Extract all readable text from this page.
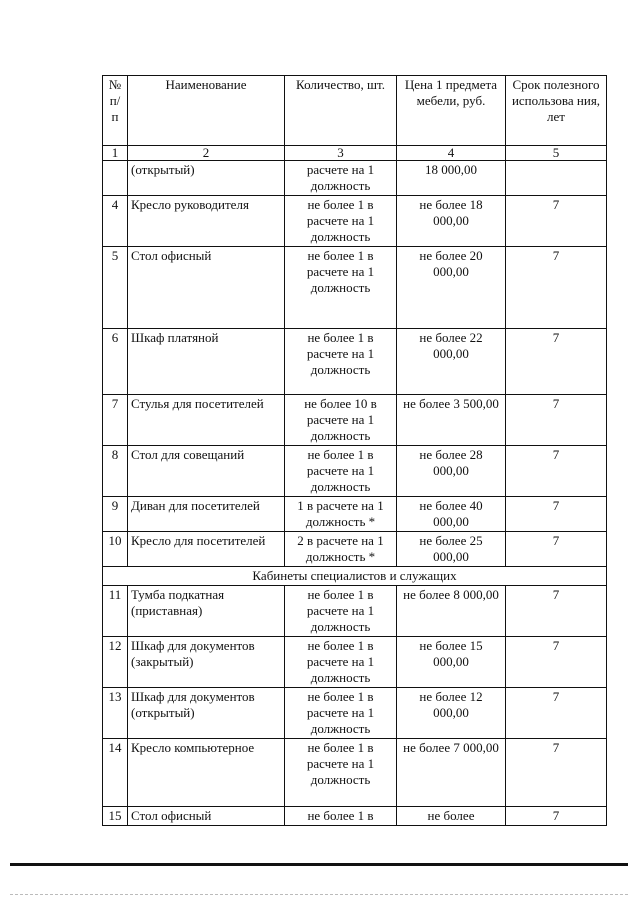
№ п/ п	Наименование	Количество, шт.	Цена 1 предмета мебели, руб.	Срок полезного использова ния, лет
1	2	3	4	5
	(открытый)	расчете на 1 должность	18 000,00	
4	Кресло руководителя	не более 1 в расчете на 1 должность	не более 18 000,00	7
5	Стол офисный	не более 1 в расчете на 1 должность	не более 20 000,00	7
6	Шкаф платяной	не более 1 в расчете на 1 должность	не более 22 000,00	7
7	Стулья для посетителей	не более 10 в расчете на 1 должность	не более 3 500,00	7
8	Стол для совещаний	не более 1 в расчете на 1 должность	не более 28 000,00	7
9	Диван для посетителей	1 в расчете на 1 должность *	не более 40 000,00	7
10	Кресло для посетителей	2 в расчете на 1 должность *	не более 25 000,00	7
Кабинеты специалистов и служащих				
11	Тумба подкатная (приставная)	не более 1 в расчете на 1 должность	не более 8 000,00	7
12	Шкаф для документов (закрытый)	не более 1 в расчете на 1 должность	не более 15 000,00	7
13	Шкаф для документов (открытый)	не более 1 в расчете на 1 должность	не более 12 000,00	7
14	Кресло компьютерное	не более 1 в расчете на 1 должность	не более 7 000,00	7
15	Стол офисный	не более 1 в	не более	7
